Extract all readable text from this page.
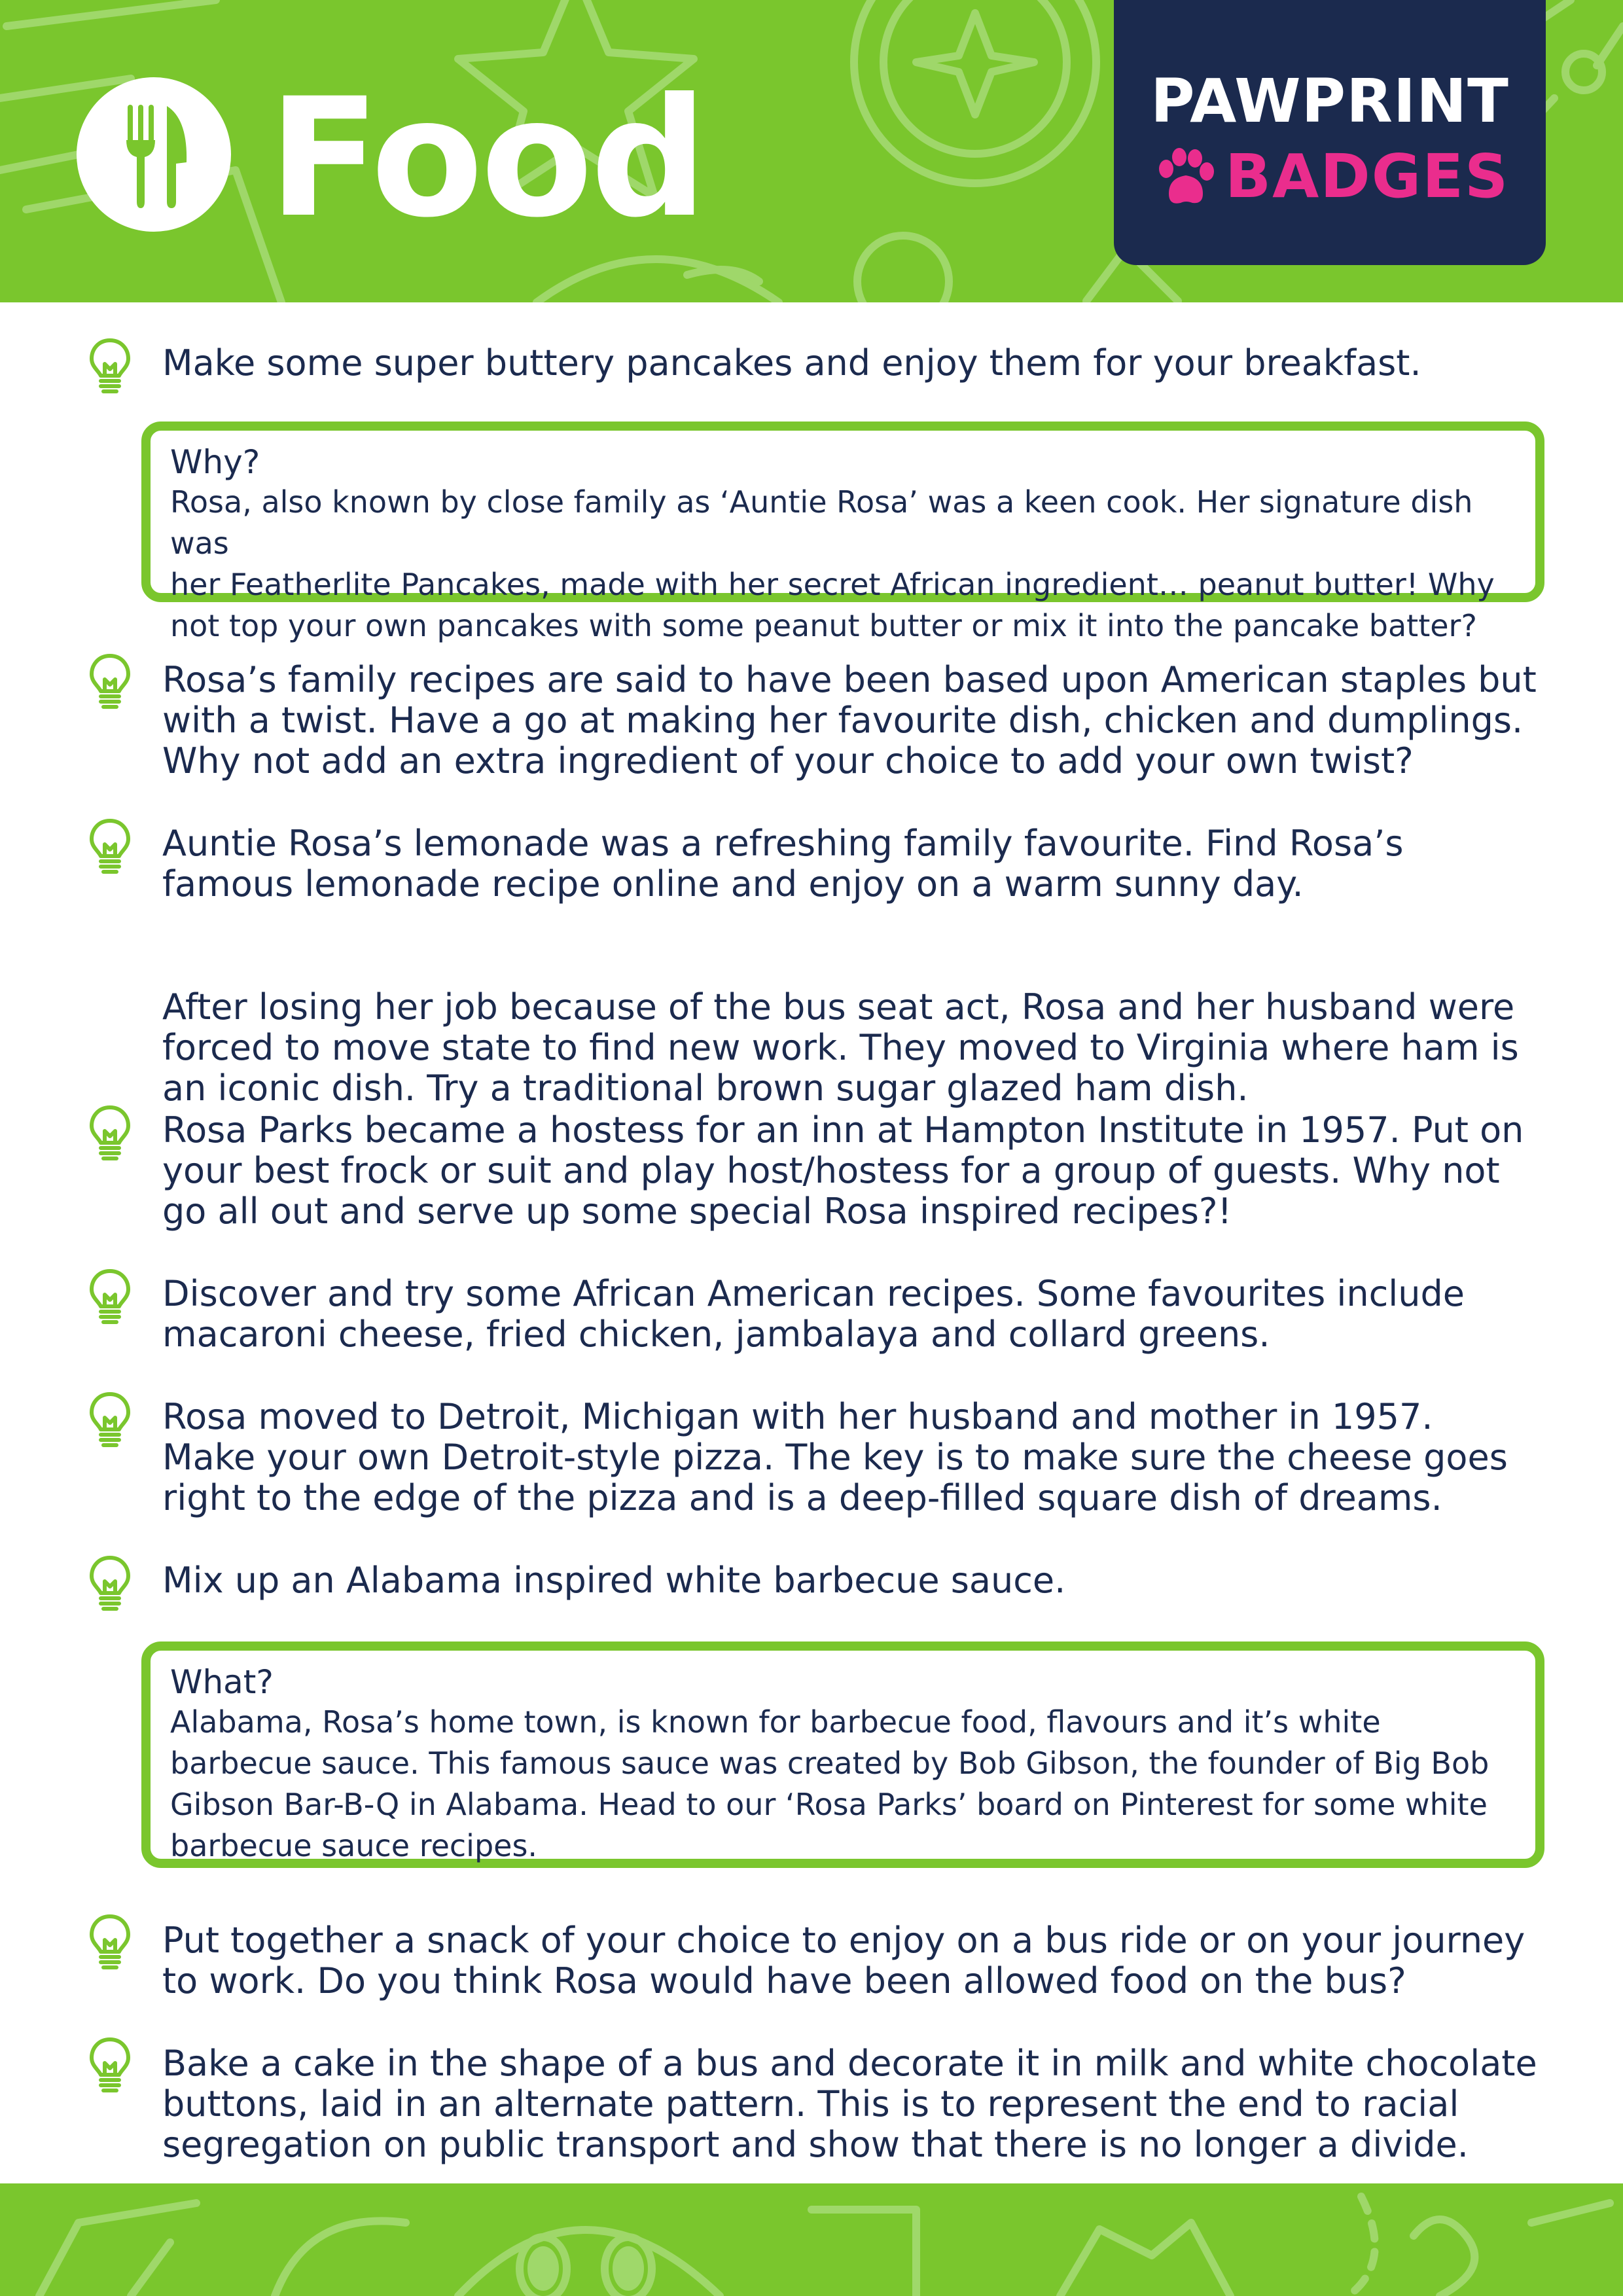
Food	PAWPRINT
BADGES
Make some super buttery pancakes and enjoy them for your breakfast.
Why?
Rosa, also known by close family as ‘Auntie Rosa’ was a keen cook. Her signature dish was
her Featherlite Pancakes, made with her secret African ingredient… peanut butter! Why
not top your own pancakes with some peanut butter or mix it into the pancake batter?
Rosa’s family recipes are said to have been based upon American staples but
with a twist. Have a go at making her favourite dish, chicken and dumplings.
Why not add an extra ingredient of your choice to add your own twist?
Auntie Rosa’s lemonade was a refreshing family favourite. Find Rosa’s
famous lemonade recipe online and enjoy on a warm sunny day.
After losing her job because of the bus seat act, Rosa and her husband were
forced to move state to find new work. They moved to Virginia where ham is
an iconic dish. Try a traditional brown sugar glazed ham dish.
Rosa Parks became a hostess for an inn at Hampton Institute in 1957. Put on
your best frock or suit and play host/hostess for a group of guests. Why not
go all out and serve up some special Rosa inspired recipes?!
Discover and try some African American recipes. Some favourites include
macaroni cheese, fried chicken, jambalaya and collard greens.
Rosa moved to Detroit, Michigan with her husband and mother in 1957.
Make your own Detroit-style pizza. The key is to make sure the cheese goes
right to the edge of the pizza and is a deep-filled square dish of dreams.
Mix up an Alabama inspired white barbecue sauce.
What?
Alabama, Rosa’s home town, is known for barbecue food, flavours and it’s white
barbecue sauce. This famous sauce was created by Bob Gibson, the founder of Big Bob
Gibson Bar-B-Q in Alabama. Head to our ‘Rosa Parks’ board on Pinterest for some white
barbecue sauce recipes.
Put together a snack of your choice to enjoy on a bus ride or on your journey
to work. Do you think Rosa would have been allowed food on the bus?
Bake a cake in the shape of a bus and decorate it in milk and white chocolate
buttons, laid in an alternate pattern. This is to represent the end to racial
segregation on public transport and show that there is no longer a divide.
